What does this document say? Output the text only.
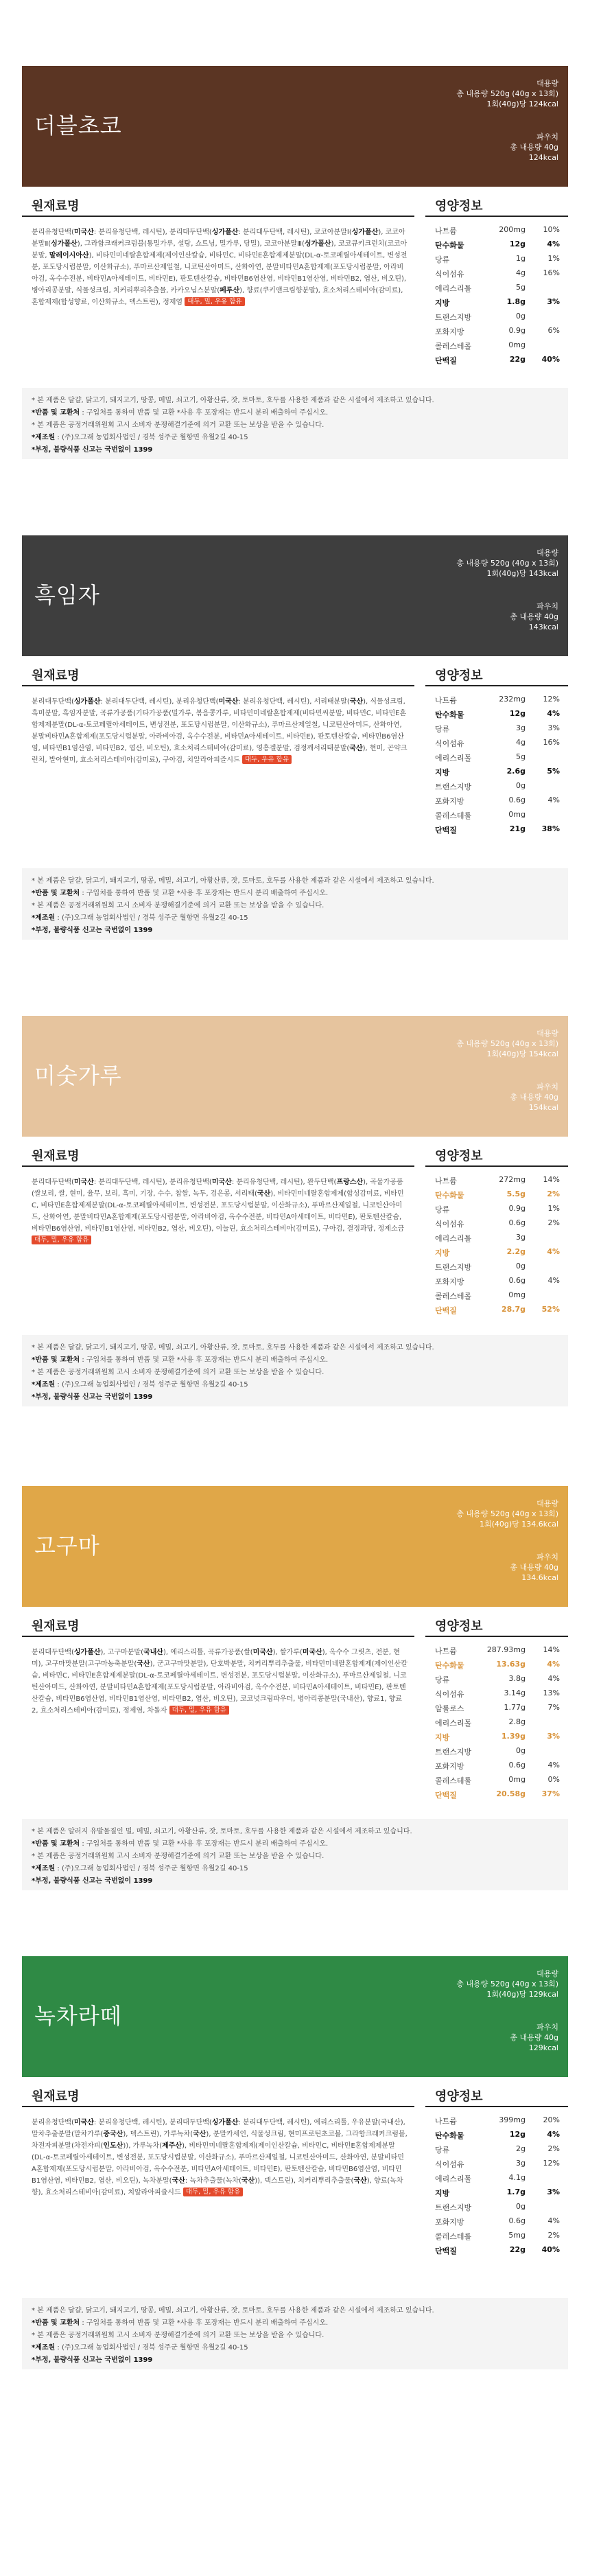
더블초코
대용량
총 내용량 520g (40g x 13회)
1회(40g)당 124kcal
파우치
총 내용량 40g
124kcal
원재료명
분리유청단백(미국산: 분리유청단백, 레시틴), 분리대두단백(싱가폴산: 분리대두단백, 레시틴), 코코아분말Ⅰ(싱가폴산), 코코아분말Ⅱ(싱가폴산), 그라함크래커크럼블(통밀가루, 설탕, 쇼트닝, 밀가루, 당밀), 코코아분말Ⅲ(싱가폴산), 코코큐키크런치(코코아분말, 말레이시아산), 비타민미네랄혼합제제(제이인산칼슘, 비타민C, 비타민E혼합제제분말(DL-α-토코페릴아세테이트, 변성전분, 포도당시럽분말, 이산화규소), 푸마르산제일철, 니코틴산아미드, 산화아연, 분말비타민A혼합제제(포도당시럽분말, 아라비아검, 옥수수전분, 비타민A아세테이트, 비타민E), 판토텐산칼슘, 비타민B6염산염, 비타민B1염산염, 비타민B2, 엽산, 비오틴), 병아리콩분말, 식물성크림, 치커리뿌리추출물, 카카오닙스분말(페루산), 향료(쿠키앤크림향분말), 효소처리스테비아(감미료), 혼합제제(합성향료, 이산화규소, 덱스트린), 정제염 대두, 밀, 우유 함유
영양정보
나트륨	200mg 10%
탄수화물	12g	4%
당류	1g	1%
식이섬유	4g 16%
에리스리톨	5g
지방	1.8g	3%
트랜스지방	0g
포화지방	0.9g	6%
콜레스테롤	0mg
단백질	22g 40%
* 본 제품은 달걀, 닭고기, 돼지고기, 땅콩, 메밀, 쇠고기, 아황산류, 잣, 토마토, 호두를 사용한 제품과 같은 시설에서 제조하고 있습니다.
*반품 및 교환처 : 구입처를 통하여 반품 및 교환 *사용 후 포장재는 반드시 분리 배출하여 주십시오.
* 본 제품은 공정거래위원회 고시 소비자 분쟁해결기준에 의거 교환 또는 보상을 받을 수 있습니다.
*제조원 : (주)오그래 농업회사법인 / 경북 성주군 월항면 유월2길 40-15
*부정, 불량식품 신고는 국번없이 1399
흑임자
대용량
총 내용량 520g (40g x 13회)
1회(40g)당 143kcal
파우치
총 내용량 40g
143kcal
원재료명
분리대두단백(싱가폴산: 분리대두단백, 레시틴), 분리유청단백(미국산: 분리유청단백, 레시틴), 서리태분말(국산), 식물성크림, 흑미분말, 흑임자분말, 곡류가공품(기타가공품(밀가루, 볶음콩가루, 비타민미네랄혼합제제(비타민씨분말, 비타민C, 비타민E혼합제제분말(DL-α-토코페릴아세테이트, 변성전분, 포도당시럽분말, 이산화규소), 푸마르산제일철, 니코틴산아미드, 산화아연, 분말비타민A혼합제제(포도당시럽분말, 아라비아검, 옥수수전분, 비타민A아세테이트, 비타민E), 판토텐산칼슘, 비타민B6염산염, 비타민B1염산염, 비타민B2, 엽산, 비오틴), 효소처리스테비아(감미료), 영흥겔분말, 검정깨서리태분말(국산), 현미, 곤약크런치, 발아현미, 효소처리스테비아(감미료), 구아검, 치알라아피즐시드 대두, 우유 함유
영양정보
나트륨	232mg 12%
탄수화물	12g	4%
당류	3g	3%
식이섬유	4g 16%
에리스리톨	5g
지방	2.6g	5%
트랜스지방	0g
포화지방	0.6g	4%
콜레스테롤	0mg
단백질	21g 38%
* 본 제품은 달걀, 닭고기, 돼지고기, 땅콩, 메밀, 쇠고기, 아황산류, 잣, 토마토, 호두를 사용한 제품과 같은 시설에서 제조하고 있습니다.
*반품 및 교환처 : 구입처를 통하여 반품 및 교환 *사용 후 포장재는 반드시 분리 배출하여 주십시오.
* 본 제품은 공정거래위원회 고시 소비자 분쟁해결기준에 의거 교환 또는 보상을 받을 수 있습니다.
*제조원 : (주)오그래 농업회사법인 / 경북 성주군 월항면 유월2길 40-15
*부정, 불량식품 신고는 국번없이 1399
미숫가루
대용량
총 내용량 520g (40g x 13회)
1회(40g)당 154kcal
파우치
총 내용량 40g
154kcal
원재료명
분리대두단백(미국산: 분리대두단백, 레시틴), 분리유청단백(미국산: 분리유청단백, 레시틴), 완두단백(프랑스산), 곡물가공품(쌀보리, 쌀, 현미, 율무, 보리, 흑미, 기장, 수수, 찹쌀, 녹두, 검은콩, 서리태(국산), 비타민미네랄혼합제제(합성감미료, 비타민C, 비타민E혼합제제분말(DL-α-토코페릴아세테이트, 변성전분, 포도당시럽분말, 이산화규소), 푸마르산제일철, 니코틴산아미드, 산화아연, 분말비타민A혼합제제(포도당시럽분말, 아라비아검, 옥수수전분, 비타민A아세테이트, 비타민E), 판토텐산칼슘, 비타민B6염산염, 비타민B1염산염, 비타민B2, 엽산, 비오틴), 이눌린, 효소처리스테비아(감미료), 구아검, 결정과당, 정제소금 대두, 밀, 우유 함유
영양정보
나트륨	272mg 14%
탄수화물	5.5g	2%
당류	0.9g	1%
식이섬유	0.6g	2%
에리스리톨	3g
지방	2.2g	4%
트랜스지방	0g
포화지방	0.6g	4%
콜레스테롤	0mg
단백질	28.7g 52%
* 본 제품은 달걀, 닭고기, 돼지고기, 땅콩, 메밀, 쇠고기, 아황산류, 잣, 토마토, 호두를 사용한 제품과 같은 시설에서 제조하고 있습니다.
*반품 및 교환처 : 구입처를 통하여 반품 및 교환 *사용 후 포장재는 반드시 분리 배출하여 주십시오.
* 본 제품은 공정거래위원회 고시 소비자 분쟁해결기준에 의거 교환 또는 보상을 받을 수 있습니다.
*제조원 : (주)오그래 농업회사법인 / 경북 성주군 월항면 유월2길 40-15
*부정, 불량식품 신고는 국번없이 1399
고구마
대용량
총 내용량 520g (40g x 13회)
1회(40g)당 134.6kcal
파우치
총 내용량 40g
134.6kcal
원재료명
분리대두단백(싱가폴산), 고구마분말(국내산), 에리스리톨, 곡류가공품(쌀(미국산), 쌀가루(미국산), 옥수수 그릿츠, 전분, 현미), 고구마맛분말(고구마농축분말(국산), 군고구마맛분말), 단호박분말, 치커리뿌리추출물, 비타민미네랄혼합제제(제이인산칼슘, 비타민C, 비타민E혼합제제분말(DL-α-토코페릴아세테이트, 변성전분, 포도당시럽분말, 이산화규소), 푸마르산제일철, 니코틴산아미드, 산화아연, 분말비타민A혼합제제(포도당시럽분말, 아라비아검, 옥수수전분, 비타민A아세테이트, 비타민E), 판토텐산칼슘, 비타민B6염산염, 비타민B1염산염, 비타민B2, 엽산, 비오틴), 코코넛크림파우더, 병아리콩분말(국내산), 향료1, 향료2, 효소처리스테비아(감미료), 정제염, 차돌자 대두, 밀, 우유 함유
영양정보
나트륨	287.93mg 14%
탄수화물	13.63g	4%
당류	3.8g	4%
식이섬유	3.14g 13%
알룰로스	1.77g	7%
에리스리톨	2.8g
지방	1.39g	3%
트랜스지방	0g
포화지방	0.6g	4%
콜레스테롤	0mg	0%
단백질	20.58g 37%
* 본 제품은 알러지 유발물질인 밀, 메밀, 쇠고기, 아황산류, 잣, 토마토, 호두를 사용한 제품과 같은 시설에서 제조하고 있습니다.
*반품 및 교환처 : 구입처를 통하여 반품 및 교환 *사용 후 포장재는 반드시 분리 배출하여 주십시오.
* 본 제품은 공정거래위원회 고시 소비자 분쟁해결기준에 의거 교환 또는 보상을 받을 수 있습니다.
*제조원 : (주)오그래 농업회사법인 / 경북 성주군 월항면 유월2길 40-15
*부정, 불량식품 신고는 국번없이 1399
녹차라떼
대용량
총 내용량 520g (40g x 13회)
1회(40g)당 129kcal
파우치
총 내용량 40g
129kcal
원재료명
분리유청단백(미국산: 분리유청단백, 레시틴), 분리대두단백(싱가폴산: 분리대두단백, 레시틴), 에리스리톨, 우유분말(국내산), 말차추출분말(말차가루(중국산), 덱스트린), 가루녹차(국산), 분말카세인, 식물성크림, 현미프로틴초코볼, 그라함크래커크럼블, 차전자피분말(차전자피(인도산)), 가루녹차(제주산), 비타민미네랄혼합제제(제이인산칼슘, 비타민C, 비타민E혼합제제분말(DL-α-토코페릴아세테이트, 변성전분, 포도당시럽분말, 이산화규소), 푸마르산제일철, 니코틴산아미드, 산화아연, 분말비타민A혼합제제(포도당시럽분말, 아라비아검, 옥수수전분, 비타민A아세테이트, 비타민E), 판토텐산칼슘, 비타민B6염산염, 비타민B1염산염, 비타민B2, 엽산, 비오틴), 녹차분말(국산: 녹차추출물(녹차(국산)), 덱스트린), 치커리뿌리추출물(국산), 향료(녹차향), 효소처리스테비아(감미료), 치알라아피즐시드 대두, 밀, 우유 함유
영양정보
나트륨	399mg 20%
탄수화물	12g	4%
당류	2g	2%
식이섬유	3g 12%
에리스리톨	4.1g
지방	1.7g	3%
트랜스지방	0g
포화지방	0.6g	4%
콜레스테롤	5mg	2%
단백질	22g 40%
* 본 제품은 달걀, 닭고기, 돼지고기, 땅콩, 메밀, 쇠고기, 아황산류, 잣, 토마토, 호두를 사용한 제품과 같은 시설에서 제조하고 있습니다.
*반품 및 교환처 : 구입처를 통하여 반품 및 교환 *사용 후 포장재는 반드시 분리 배출하여 주십시오.
* 본 제품은 공정거래위원회 고시 소비자 분쟁해결기준에 의거 교환 또는 보상을 받을 수 있습니다.
*제조원 : (주)오그래 농업회사법인 / 경북 성주군 월항면 유월2길 40-15
*부정, 불량식품 신고는 국번없이 1399
